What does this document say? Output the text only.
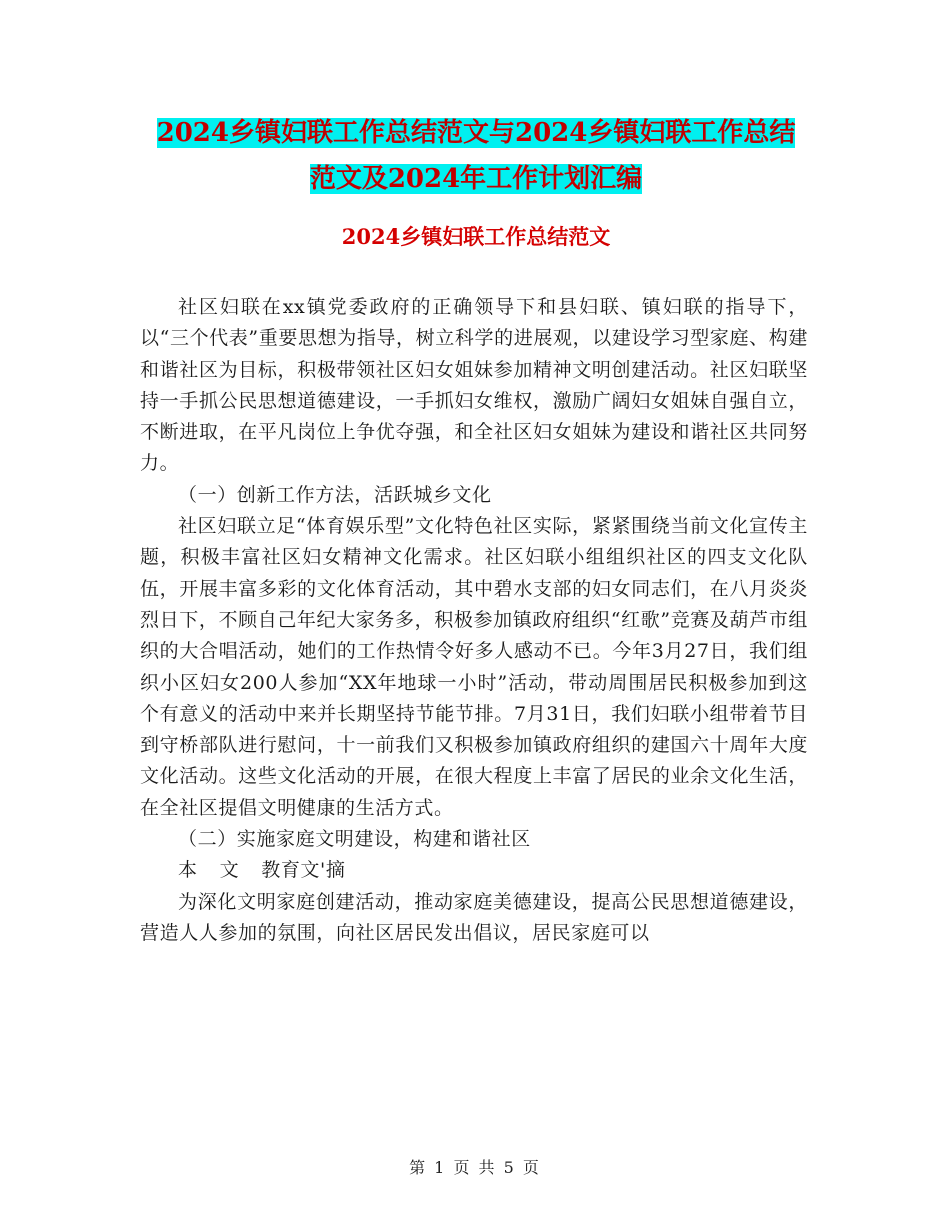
2024乡镇妇联工作总结范文与2024乡镇妇联工作总结
范文及2024年工作计划汇编
2024乡镇妇联工作总结范文

社区妇联在xx镇党委政府的正确领导下和县妇联、镇妇联的指导下，以“三个代表”重要思想为指导，树立科学的进展观，以建设学习型家庭、构建和谐社区为目标，积极带领社区妇女姐妹参加精神文明创建活动。社区妇联坚持一手抓公民思想道德建设，一手抓妇女维权，激励广阔妇女姐妹自强自立，不断进取，在平凡岗位上争优夺强，和全社区妇女姐妹为建设和谐社区共同努力。

（一）创新工作方法，活跃城乡文化

社区妇联立足“体育娱乐型”文化特色社区实际，紧紧围绕当前文化宣传主题，积极丰富社区妇女精神文化需求。社区妇联小组组织社区的四支文化队伍，开展丰富多彩的文化体育活动，其中碧水支部的妇女同志们，在八月炎炎烈日下，不顾自己年纪大家务多，积极参加镇政府组织“红歌”竞赛及葫芦市组织的大合唱活动，她们的工作热情令好多人感动不已。今年3月27日，我们组织小区妇女200人参加“XX年地球一小时”活动，带动周围居民积极参加到这个有意义的活动中来并长期坚持节能节排。7月31日，我们妇联小组带着节目到守桥部队进行慰问，十一前我们又积极参加镇政府组织的建国六十周年大度文化活动。这些文化活动的开展，在很大程度上丰富了居民的业余文化生活，在全社区提倡文明健康的生活方式。

（二）实施家庭文明建设，构建和谐社区

本 文 教育文'摘

为深化文明家庭创建活动，推动家庭美德建设，提高公民思想道德建设，营造人人参加的氛围，向社区居民发出倡议，居民家庭可以

第 1 页 共 5 页
